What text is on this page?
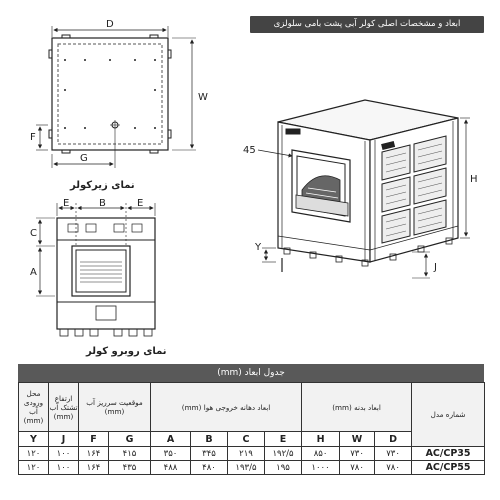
ابعاد و مشخصات اصلی کولر آبی پشت بامی سلولزی
D
W
F
G
نمای زیرکولر
E	B	E
C
A
نمای روبرو کولر
H
J
Y
45
جدول ابعاد (mm)
محل ورودی آب (mm)	ارتفاع تشتک آب (mm)	موقعیت سرریز آب (mm)		ابعاد دهانه خروجی هوا (mm)				ابعاد بدنه (mm)			شماره مدل
Y	J	F	G	A	B	C	E	H	W	D	
۱۲۰	۱۰۰	۱۶۴	۴۱۵	۳۵۰	۳۴۵	۲۱۹	۱۹۲/۵	۸۵۰	۷۳۰	۷۳۰	AC/CP35
۱۲۰	۱۰۰	۱۶۴	۴۳۵	۴۸۸	۴۸۰	۱۹۳/۵	۱۹۵	۱۰۰۰	۷۸۰	۷۸۰	AC/CP55
